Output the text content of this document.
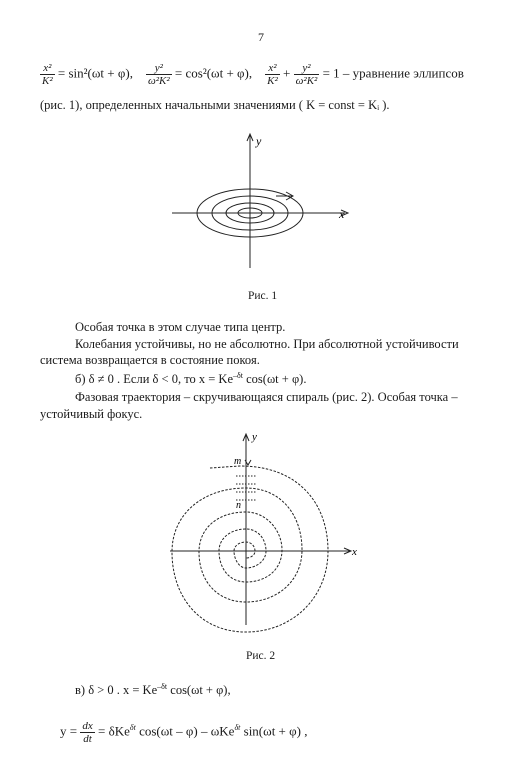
7
$\frac{\text{x²}}{\text{K²}} = \sin^2(\omega t + \varphi)$, $\frac{\text{y²}}{\text{ω²K²}} = \cos^2(\omega t + \varphi)$, $\frac{\text{x²}}{\text{K²}} + \frac{\text{y²}}{\text{ω²K²}} = 1$ – уравнение эллипсов
(рис. 1), определенных начальными значениями ( K = const = Kᵢ ).
x
y
Рис. 1
Особая точка в этом случае типа центр.
Колебания устойчивы, но не абсолютно. При абсолютной устойчивости
система возвращается в состояние покоя.
б) δ ≠ 0 . Если δ < 0, то $x = Ke^{-\delta t}$ cos(ωt + φ).
Фазовая траектория – скручивающаяся спираль (рис. 2). Особая точка –
устойчивый фокус.
x
y
m
n
Рис. 2
в) δ > 0 . $x = Ke^{-\delta t}$ cos(ωt + φ),
$y = \frac{dx}{dt} = \delta Ke^{\delta t}$ cos(ωt – φ) – ωKe$^{\delta t}$ sin(ωt + φ) ,
